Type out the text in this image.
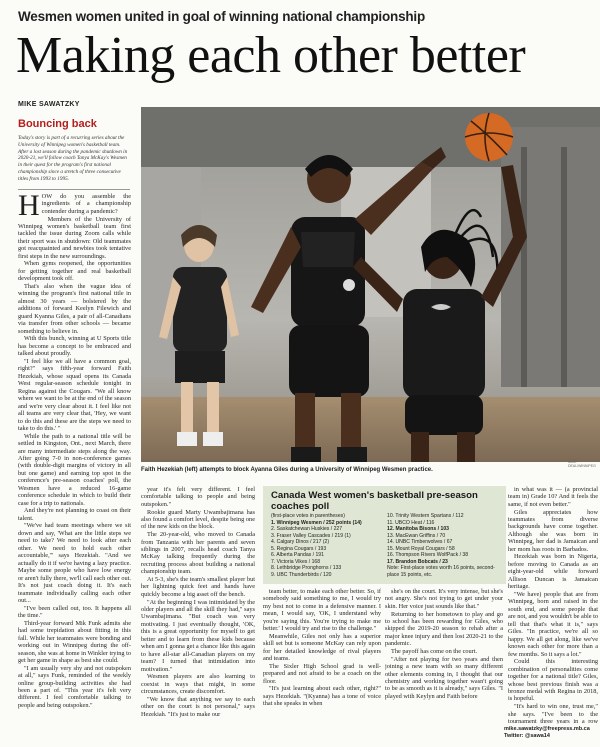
Wesmen women united in goal of winning national championship
Making each other better
MIKE SAWATZKY
Bouncing back
Today's story is part of a recurring series about the University of Winnipeg women's basketball team. After a lost season during the pandemic shutdown in 2020-21, we'll follow coach Tanya McKay's Wesmen in their quest for the program's first national championship since a stretch of three consecutive titles from 1993 to 1995.
H OW do you assemble the ingredients of a championship contender during a pandemic?

Members of the University of Winnipeg women's basketball team first tackled the issue during Zoom calls while their sport was in shutdown: Old teammates got reacquainted and newbies took tentative first steps in the new surroundings.

When gyms reopened, the opportunities for getting together and real basketball development took off.

That's also when the vague idea of winning the program's first national title in almost 30 years — bolstered by the additions of forward Keelyn Filewich and guard Kyanna Giles, a pair of all-Canadians via transfer from other schools — became something to believe in.

With this bunch, winning at U Sports title has become a concept to be embraced and talked about proudly.

"I feel like we all have a common goal, right?" says fifth-year forward Faith Hezekiah, whose squad opens its Canada West regular-season schedule tonight in Regina against the Cougars. "We all know where we want to be at the end of the season and we're very clear about it. I feel like not all teams are very clear that, 'Hey, we want to do this and these are the steps we need to take to do this.' "

While the path to a national title will be settled in Kingston, Ont., next March, there are many intermediate steps along the way. After going 7-0 in non-conference games (with double-digit margins of victory in all but one game) and earning top spot in the conference's pre-season coaches' poll, the Wesmen have a reduced 16-game conference schedule in which to build their case for a trip to nationals.

And they're not planning to coast on their talent.

"We've had team meetings where we sit down and say, 'What are the little steps we need to take? We need to look after each other. We need to hold each other accountable,'" says Hezekiah. "And we actually do it if we're having a lazy practice. Maybe some people who have low energy or aren't fully there, we'll call each other out. It's not just coach doing it. It's each teammate individually calling each other out...

"I've been called out, too. It happens all the time."

Third-year forward Mik Funk admits she had some trepidation about fitting in this fall. While her teammates were bonding and working out in Winnipeg during the off-season, she was at home in Winkler trying to get her game in shape as best she could.

"I am usually very shy and not outspoken at all," says Funk, reminded of the weekly online group-building activities she had been a part of. "This year it's felt very different. I feel comfortable talking to people and being outspoken."

MIKE DEAL/WINNIPEG
Faith Hezekiah (left) attempts to block Ayanna Giles during a University of Winnipeg Wesmen practice.

year it's felt very different. I feel comfortable talking to people and being outspoken."

Rookie guard Marty Uwambajimana has also found a comfort level, despite being one of the new kids on the block.

The 20-year-old, who moved to Canada from Tanzania with her parents and seven siblings in 2007, recalls head coach Tanya McKay talking frequently during the recruiting process about building a national championship team.

At 5-3, she's the team's smallest player but her lightning quick feet and hands have quickly become a big asset off the bench.

"At the beginning I was intimidated by the older players and all the skill they had," says Uwambajimana. "But coach was very motivating. I just eventually thought, 'OK, this is a great opportunity for myself to get better and to learn from these kids because when am I gonna get a chance like this again to have all-star all-Canadian players on my team? I turned that intimidation into motivation."

Wesmen players are also learning to coexist in ways that might, in some circumstances, create discomfort.

"We know that anything we say to each other on the court is not personal," says Hezekiah. "It's just to make our

Canada West women's basketball pre-season coaches poll
(first-place votes in parentheses)
1. Winnipeg Wesmen / 252 points (14)
2. Saskatchewan Huskies / 227
3. Fraser Valley Cascades / 219 (1)
4. Calgary Dinos / 217 (2)
5. Regina Cougars / 193
6. Alberta Pandas / 191
7. Victoria Vikes / 168
8. Lethbridge Pronghorns / 133
9. UBC Thunderbirds / 120
10. Trinity Western Spartans / 112
11. UBCO Heat / 116
12. Manitoba Bisons / 103
13. MacEwan Griffins / 70
14. UNBC Timberwolves / 67
15. Mount Royal Cougars / 58
16. Thompson Rivers WolfPack / 38
17. Brandon Bobcats / 23
Note: First-place votes worth 16 points, second-place 15 points, etc.

team better, to make each other better. So, if somebody said something to me, I would try my best not to come in a defensive manner. I mean, I would say, 'OK, I understand why you're saying this. You're trying to make me better.' I would try and rise to the challenge."

Meanwhile, Giles not only has a superior skill set but is someone McKay can rely upon for her detailed knowledge of rival players and teams.

The Sixler High School grad is well-prepared and not afraid to be a coach on the floor.

"It's just learning about each other, right?" says Hezekiah. "(Kyanna) has a tone of voice that she speaks in when

she's on the court. It's very intense, but she's not angry. She's not trying to get under your skin. Her voice just sounds like that."

Returning to her hometown to play and go to school has been rewarding for Giles, who skipped the 2019-20 season to rehab after a major knee injury and then lost 2020-21 to the pandemic.

The payoff has come on the court.

"After not playing for two years and then joining a new team with so many different other elements coming in, I thought that our chemistry and working together wasn't going to be as smooth as it is already," says Giles. "I played with Keylyn and Faith before

in what was it — (a provincial team in) Grade 10? And it feels the same, if not even better."

Giles appreciates how teammates from diverse backgrounds have come together. Although she was born in Winnipeg, her dad is Jamaican and her mom has roots in Barbados.

Hezekiah was born in Nigeria, before moving to Canada as an eight-year-old while forward Allison Duncan is Jamaican heritage.

"We have) people that are from Winnipeg, born and raised in the south end, and some people that are not, and you wouldn't be able to tell that that's what it is," says Giles. "In practice, we're all so happy. We all get along, like we've known each other for more than a few months. So it says a lot."

Could this interesting combination of personalities come together for a national title? Giles, whose best previous finish was a bronze medal with Regina in 2018, is hopeful.

"It's hard to win one, trust me," she says. "I've been to the tournament three years in a row

mike.sawatzky@freepress.mb.ca
Twitter: @sawa14
